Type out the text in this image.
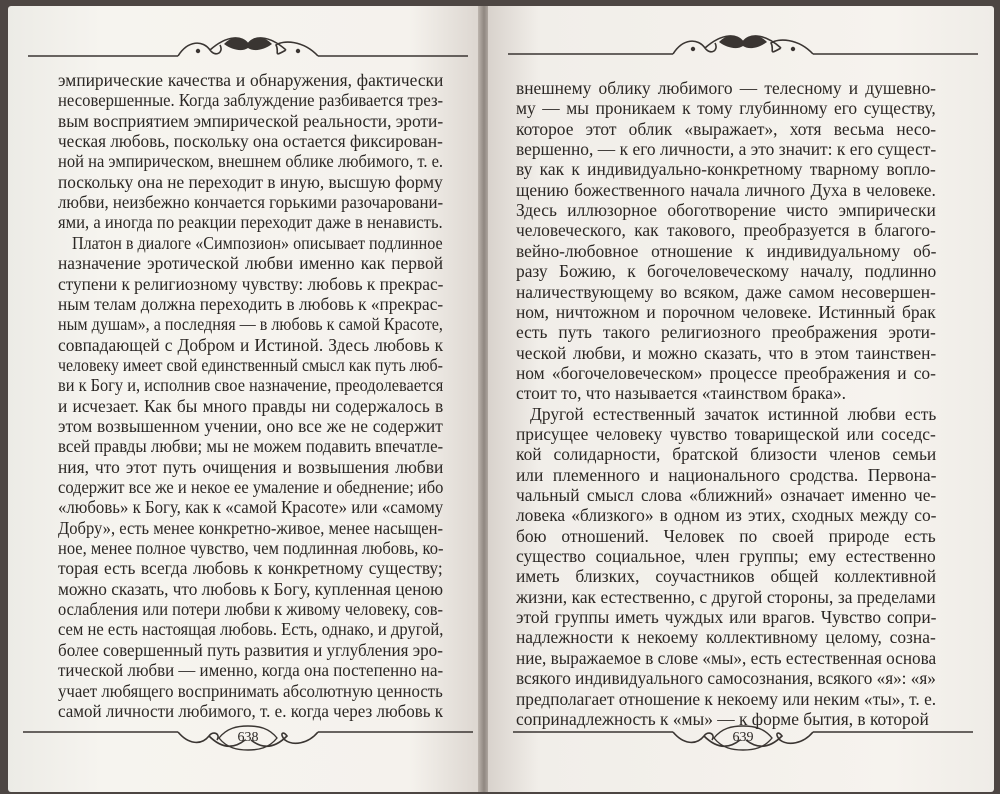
эмпирические качества и обнаружения, фактически
несовершенные. Когда заблуждение разбивается трез-
вым восприятием эмпирической реальности, эроти-
ческая любовь, поскольку она остается фиксирован-
ной на эмпирическом, внешнем облике любимого, т. е.
поскольку она не переходит в иную, высшую форму
любви, неизбежно кончается горькими разочаровани-
ями, а иногда по реакции переходит даже в ненависть.
Платон в диалоге «Симпозион» описывает подлинное
назначение эротической любви именно как первой
ступени к религиозному чувству: любовь к прекрас-
ным телам должна переходить в любовь к «прекрас-
ным душам», а последняя — в любовь к самой Красоте,
совпадающей с Добром и Истиной. Здесь любовь к
человеку имеет свой единственный смысл как путь люб-
ви к Богу и, исполнив свое назначение, преодолевается
и исчезает. Как бы много правды ни содержалось в
этом возвышенном учении, оно все же не содержит
всей правды любви; мы не можем подавить впечатле-
ния, что этот путь очищения и возвышения любви
содержит все же и некое ее умаление и обеднение; ибо
«любовь» к Богу, как к «самой Красоте» или «самому
Добру», есть менее конкретно-живое, менее насыщен-
ное, менее полное чувство, чем подлинная любовь, ко-
торая есть всегда любовь к конкретному существу;
можно сказать, что любовь к Богу, купленная ценою
ослабления или потери любви к живому человеку, сов-
сем не есть настоящая любовь. Есть, однако, и другой,
более совершенный путь развития и углубления эро-
тической любви — именно, когда она постепенно на-
учает любящего воспринимать абсолютную ценность
самой личности любимого, т. е. когда через любовь к
638
внешнему облику любимого — телесному и душевно-
му — мы проникаем к тому глубинному его существу,
которое этот облик «выражает», хотя весьма несо-
вершенно, — к его личности, а это значит: к его сущест-
ву как к индивидуально-конкретному тварному вопло-
щению божественного начала личного Духа в человеке.
Здесь иллюзорное обоготворение чисто эмпирически
человеческого, как такового, преобразуется в благого-
вейно-любовное отношение к индивидуальному об-
разу Божию, к богочеловеческому началу, подлинно
наличествующему во всяком, даже самом несовершен-
ном, ничтожном и порочном человеке. Истинный брак
есть путь такого религиозного преображения эроти-
ческой любви, и можно сказать, что в этом таинствен-
ном «богочеловеческом» процессе преображения и со-
стоит то, что называется «таинством брака».
Другой естественный зачаток истинной любви есть
присущее человеку чувство товарищеской или соседс-
кой солидарности, братской близости членов семьи
или племенного и национального сродства. Первона-
чальный смысл слова «ближний» означает именно че-
ловека «близкого» в одном из этих, сходных между со-
бою отношений. Человек по своей природе есть
существо социальное, член группы; ему естественно
иметь близких, соучастников общей коллективной
жизни, как естественно, с другой стороны, за пределами
этой группы иметь чуждых или врагов. Чувство сопри-
надлежности к некоему коллективному целому, созна-
ние, выражаемое в слове «мы», есть естественная основа
всякого индивидуального самосознания, всякого «я»: «я»
предполагает отношение к некоему или неким «ты», т. е.
сопринадлежность к «мы» — к форме бытия, в которой
639
